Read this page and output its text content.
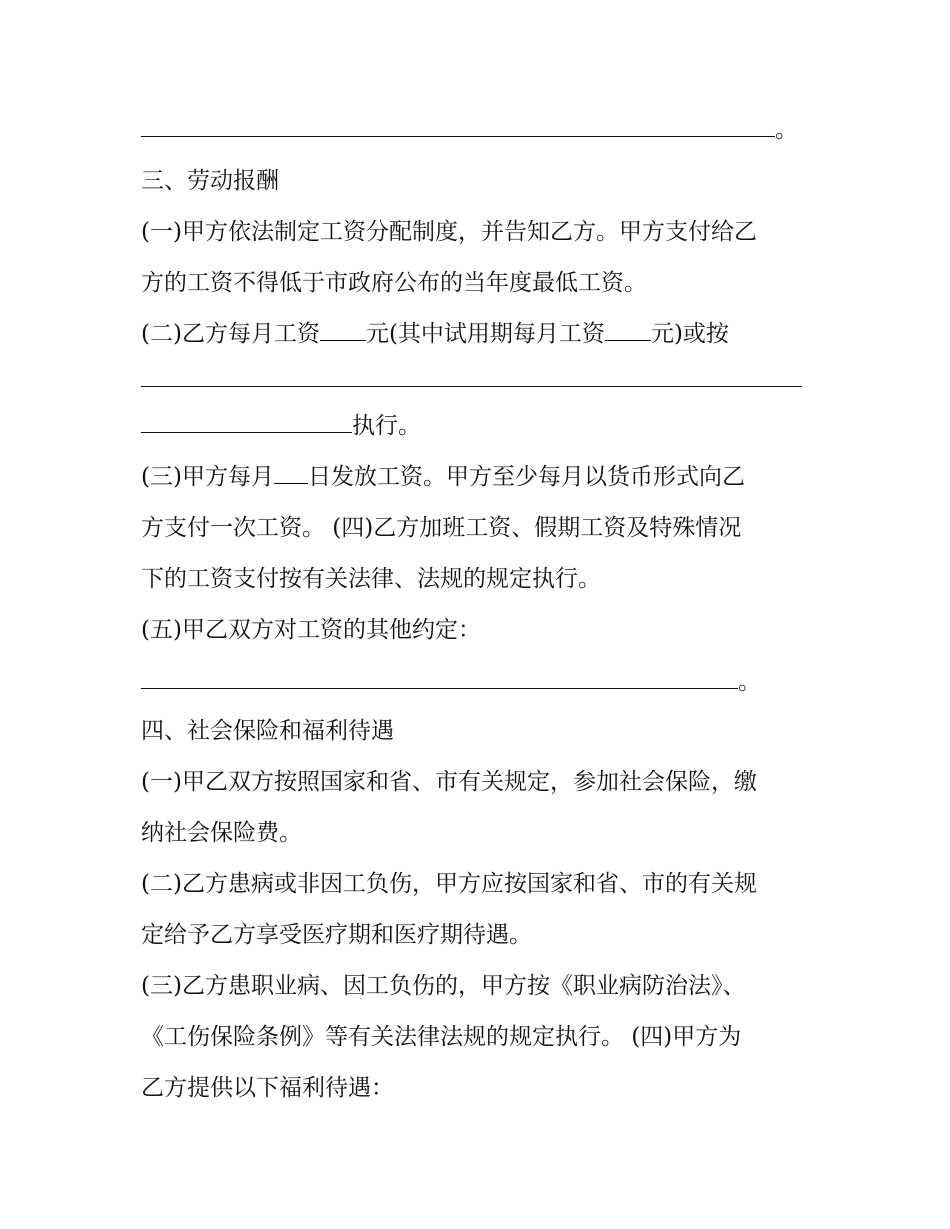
。
三、劳动报酬
(一)甲方依法制定工资分配制度，并告知乙方。甲方支付给乙
方的工资不得低于市政府公布的当年度最低工资。
(二)乙方每月工资 元(其中试用期每月工资 元)或按
执行。
(三)甲方每月 日发放工资。甲方至少每月以货币形式向乙
方支付一次工资。 (四)乙方加班工资、假期工资及特殊情况
下的工资支付按有关法律、法规的规定执行。
(五)甲乙双方对工资的其他约定：
。
四、社会保险和福利待遇
(一)甲乙双方按照国家和省、市有关规定，参加社会保险，缴
纳社会保险费。
(二)乙方患病或非因工负伤，甲方应按国家和省、市的有关规
定给予乙方享受医疗期和医疗期待遇。
(三)乙方患职业病、因工负伤的，甲方按《职业病防治法》、
《工伤保险条例》等有关法律法规的规定执行。 (四)甲方为
乙方提供以下福利待遇：
